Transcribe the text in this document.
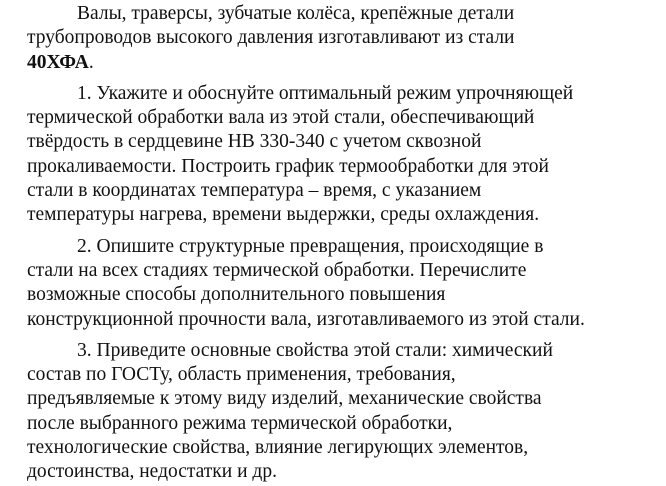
Валы, траверсы, зубчатые колёса, крепёжные детали
трубопроводов высокого давления изготавливают из стали
40ХФА.

1. Укажите и обоснуйте оптимальный режим упрочняющей
термической обработки вала из этой стали, обеспечивающий
твёрдость в сердцевине НВ 330-340 с учетом сквозной
прокаливаемости. Построить график термообработки для этой
стали в координатах температура – время, с указанием
температуры нагрева, времени выдержки, среды охлаждения.

2. Опишите структурные превращения, происходящие в
стали на всех стадиях термической обработки. Перечислите
возможные способы дополнительного повышения
конструкционной прочности вала, изготавливаемого из этой стали.

3. Приведите основные свойства этой стали: химический
состав по ГОСТу, область применения, требования,
предъявляемые к этому виду изделий, механические свойства
после выбранного режима термической обработки,
технологические свойства, влияние легирующих элементов,
достоинства, недостатки и др.
